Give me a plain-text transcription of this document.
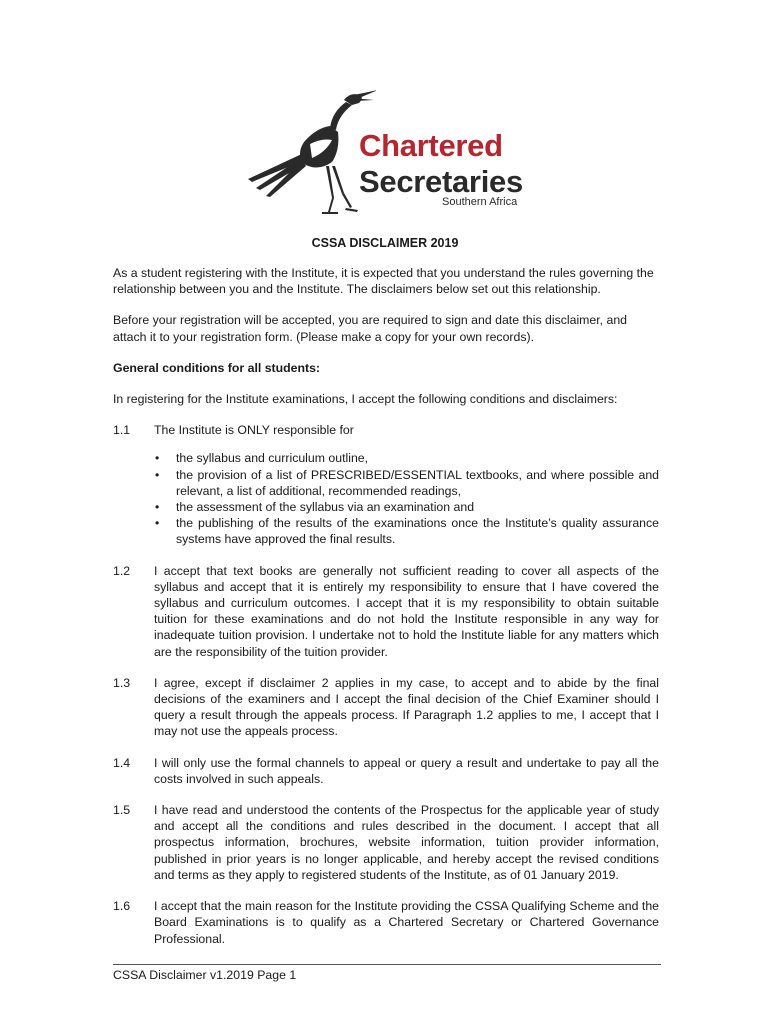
Chartered
Secretaries
Southern Africa
CSSA DISCLAIMER 2019

As a student registering with the Institute, it is expected that you understand the rules governing the relationship between you and the Institute. The disclaimers below set out this relationship.

Before your registration will be accepted, you are required to sign and date this disclaimer, and attach it to your registration form. (Please make a copy for your own records).

General conditions for all students:

In registering for the Institute examinations, I accept the following conditions and disclaimers:

1.1	The Institute is ONLY responsible for
• the syllabus and curriculum outline,
• the provision of a list of PRESCRIBED/ESSENTIAL textbooks, and where possible and relevant, a list of additional, recommended readings,
• the assessment of the syllabus via an examination and
• the publishing of the results of the examinations once the Institute’s quality assurance systems have approved the final results.
1.2	I accept that text books are generally not sufficient reading to cover all aspects of the syllabus and accept that it is entirely my responsibility to ensure that I have covered the syllabus and curriculum outcomes. I accept that it is my responsibility to obtain suitable tuition for these examinations and do not hold the Institute responsible in any way for inadequate tuition provision. I undertake not to hold the Institute liable for any matters which are the responsibility of the tuition provider.
1.3	I agree, except if disclaimer 2 applies in my case, to accept and to abide by the final decisions of the examiners and I accept the final decision of the Chief Examiner should I query a result through the appeals process. If Paragraph 1.2 applies to me, I accept that I may not use the appeals process.
1.4	I will only use the formal channels to appeal or query a result and undertake to pay all the costs involved in such appeals.
1.5	I have read and understood the contents of the Prospectus for the applicable year of study and accept all the conditions and rules described in the document. I accept that all prospectus information, brochures, website information, tuition provider information, published in prior years is no longer applicable, and hereby accept the revised conditions and terms as they apply to registered students of the Institute, as of 01 January 2019.
1.6	I accept that the main reason for the Institute providing the CSSA Qualifying Scheme and the Board Examinations is to qualify as a Chartered Secretary or Chartered Governance Professional.
CSSA Disclaimer v1.2019 Page 1
